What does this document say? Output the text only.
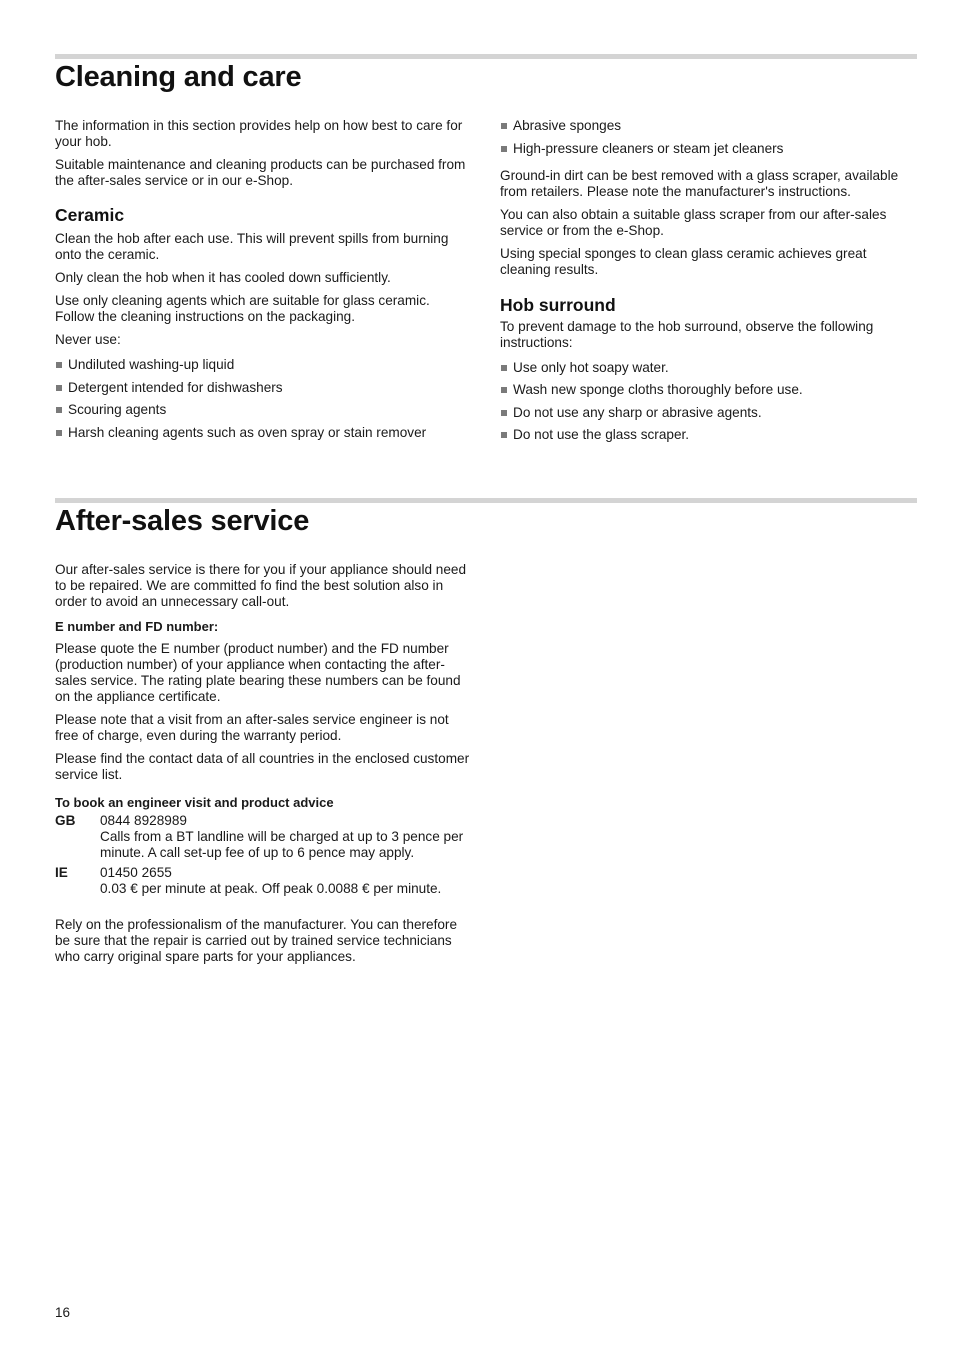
Cleaning and care

The information in this section provides help on how best to care for your hob.

Suitable maintenance and cleaning products can be purchased from the after-sales service or in our e-Shop.

Ceramic

Clean the hob after each use. This will prevent spills from burning onto the ceramic.

Only clean the hob when it has cooled down sufficiently.

Use only cleaning agents which are suitable for glass ceramic. Follow the cleaning instructions on the packaging.

Never use:

Undiluted washing-up liquid
Detergent intended for dishwashers
Scouring agents
Harsh cleaning agents such as oven spray or stain remover
Abrasive sponges
High-pressure cleaners or steam jet cleaners

Ground-in dirt can be best removed with a glass scraper, available from retailers. Please note the manufacturer's instructions.

You can also obtain a suitable glass scraper from our after-sales service or from the e-Shop.

Using special sponges to clean glass ceramic achieves great cleaning results.

Hob surround

To prevent damage to the hob surround, observe the following instructions:

Use only hot soapy water.
Wash new sponge cloths thoroughly before use.
Do not use any sharp or abrasive agents.
Do not use the glass scraper.
After-sales service

Our after-sales service is there for you if your appliance should need to be repaired. We are committed fo find the best solution also in order to avoid an unnecessary call-out.

E number and FD number:

Please quote the E number (product number) and the FD number (production number) of your appliance when contacting the after-sales service. The rating plate bearing these numbers can be found on the appliance certificate.

Please note that a visit from an after-sales service engineer is not free of charge, even during the warranty period.

Please find the contact data of all countries in the enclosed customer service list.

To book an engineer visit and product advice
GB	0844 8928989
Calls from a BT landline will be charged at up to 3 pence per minute. A call set-up fee of up to 6 pence may apply.
IE	01450 2655
0.03 € per minute at peak. Off peak 0.0088 € per minute.

Rely on the professionalism of the manufacturer. You can therefore be sure that the repair is carried out by trained service technicians who carry original spare parts for your appliances.

16
